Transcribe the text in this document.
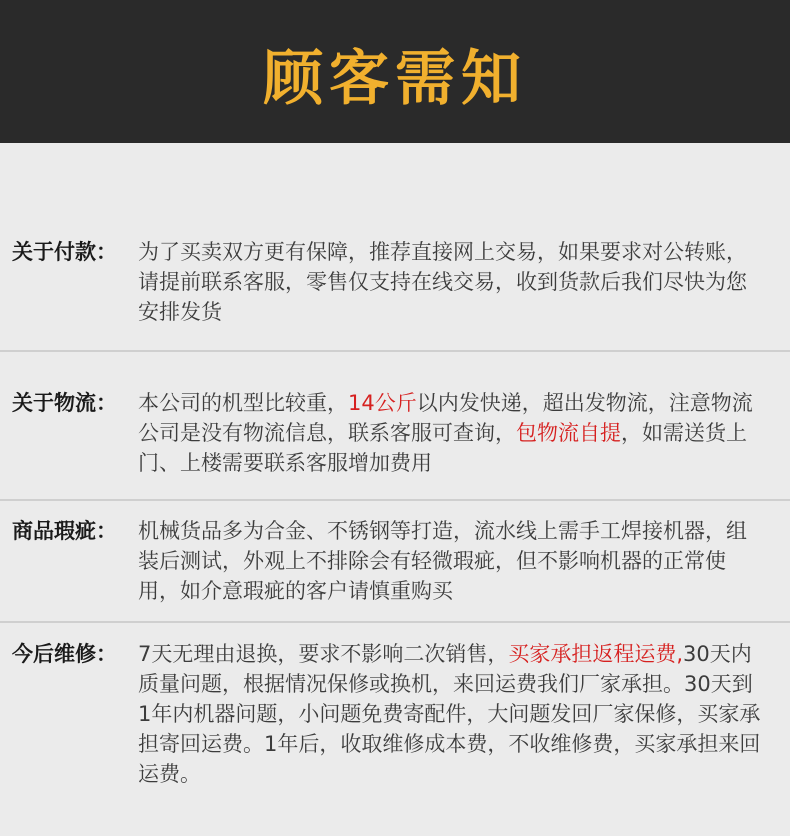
顾客需知
关于付款： 为了买卖双方更有保障，推荐直接网上交易，如果要求对公转账，请提前联系客服，零售仅支持在线交易，收到货款后我们尽快为您安排发货
关于物流： 本公司的机型比较重，14公斤以内发快递，超出发物流，注意物流公司是没有物流信息，联系客服可查询，包物流自提，如需送货上门、上楼需要联系客服增加费用
商品瑕疵： 机械货品多为合金、不锈钢等打造，流水线上需手工焊接机器，组装后测试，外观上不排除会有轻微瑕疵，但不影响机器的正常使用，如介意瑕疵的客户请慎重购买
今后维修： 7天无理由退换，要求不影响二次销售，买家承担返程运费,30天内质量问题，根据情况保修或换机，来回运费我们厂家承担。30天到1年内机器问题，小问题免费寄配件，大问题发回厂家保修，买家承担寄回运费。1年后，收取维修成本费，不收维修费，买家承担来回运费。
